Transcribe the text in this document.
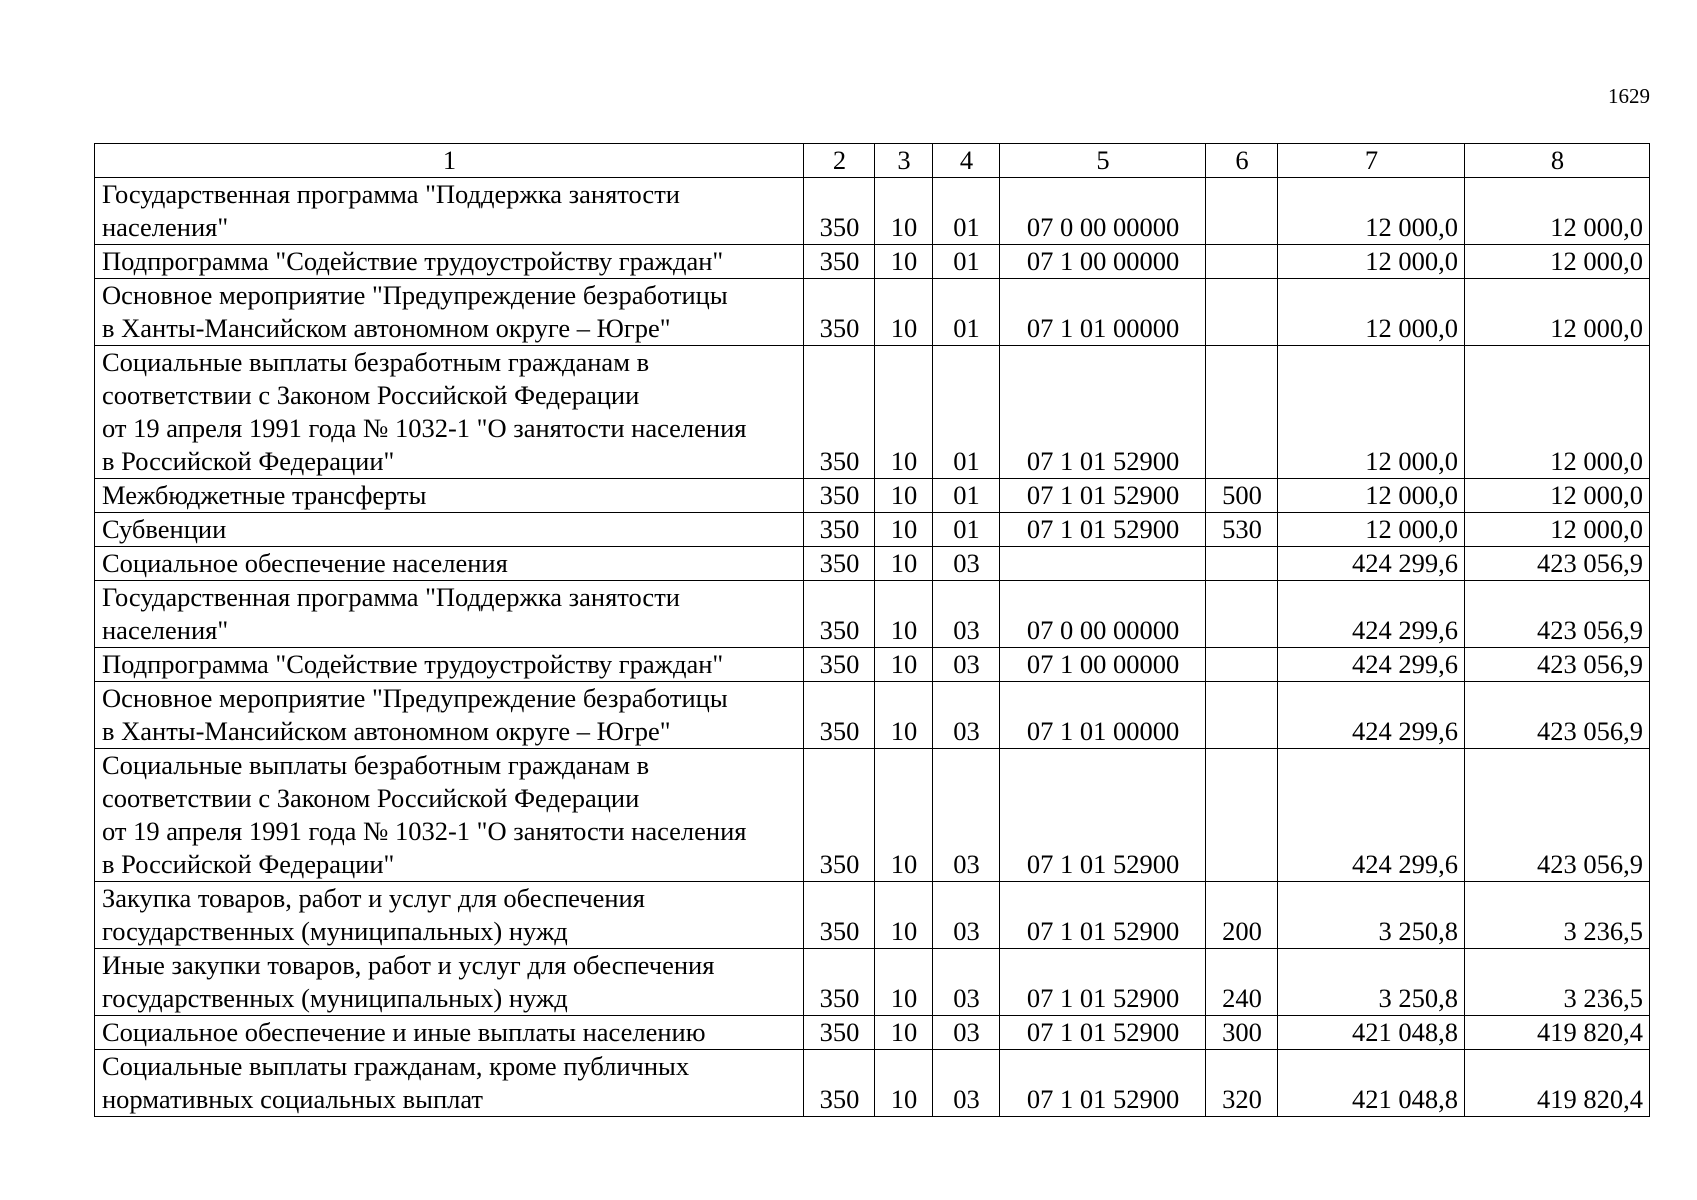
1629
1	2	3	4	5	6	7	8

Государственная программа "Поддержка занятости
населения"	350	10	01	07 0 00 00000		12 000,0	12 000,0

Подпрограмма "Содействие трудоустройству граждан"	350	10	01	07 1 00 00000		12 000,0	12 000,0

Основное мероприятие "Предупреждение безработицы
в Ханты-Мансийском автономном округе – Югре"	350	10	01	07 1 01 00000		12 000,0	12 000,0

Социальные выплаты безработным гражданам в
соответствии с Законом Российской Федерации
от 19 апреля 1991 года № 1032-1 "О занятости населения
в Российской Федерации"	350	10	01	07 1 01 52900		12 000,0	12 000,0

Межбюджетные трансферты	350	10	01	07 1 01 52900	500	12 000,0	12 000,0

Субвенции	350	10	01	07 1 01 52900	530	12 000,0	12 000,0

Социальное обеспечение населения	350	10	03			424 299,6	423 056,9

Государственная программа "Поддержка занятости
населения"	350	10	03	07 0 00 00000		424 299,6	423 056,9

Подпрограмма "Содействие трудоустройству граждан"	350	10	03	07 1 00 00000		424 299,6	423 056,9

Основное мероприятие "Предупреждение безработицы
в Ханты-Мансийском автономном округе – Югре"	350	10	03	07 1 01 00000		424 299,6	423 056,9

Социальные выплаты безработным гражданам в
соответствии с Законом Российской Федерации
от 19 апреля 1991 года № 1032-1 "О занятости населения
в Российской Федерации"	350	10	03	07 1 01 52900		424 299,6	423 056,9

Закупка товаров, работ и услуг для обеспечения
государственных (муниципальных) нужд	350	10	03	07 1 01 52900	200	3 250,8	3 236,5

Иные закупки товаров, работ и услуг для обеспечения
государственных (муниципальных) нужд	350	10	03	07 1 01 52900	240	3 250,8	3 236,5

Социальное обеспечение и иные выплаты населению	350	10	03	07 1 01 52900	300	421 048,8	419 820,4

Социальные выплаты гражданам, кроме публичных
нормативных социальных выплат	350	10	03	07 1 01 52900	320	421 048,8	419 820,4
